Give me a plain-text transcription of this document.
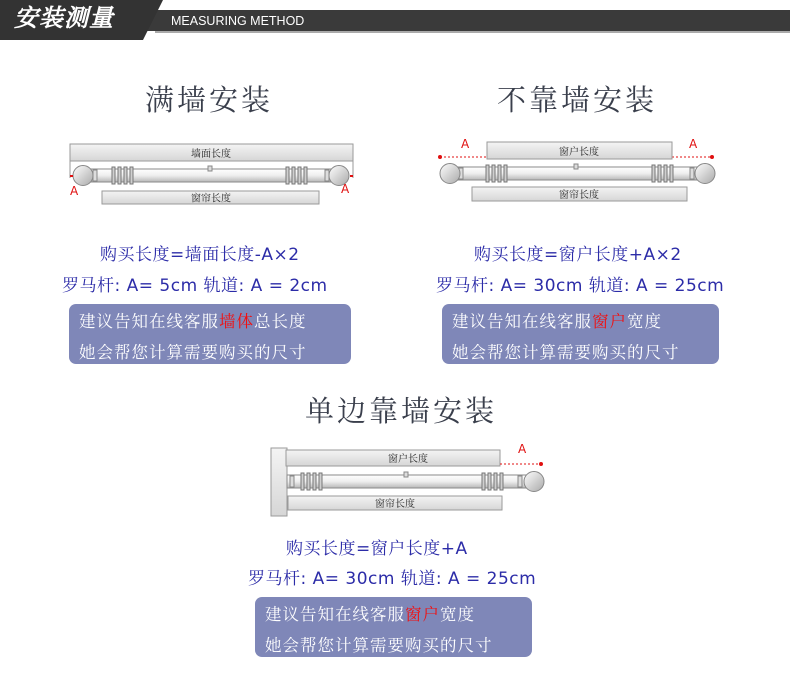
安装测量	MEASURING METHOD
满墙安装
墙面长度
A	A
窗帘长度
购买长度=墙面长度-A×2
罗马杆: A= 5cm 轨道: A = 2cm
建议告知在线客服墙体总长度
她会帮您计算需要购买的尺寸
不靠墙安装
A	A
窗户长度
窗帘长度
购买长度=窗户长度+A×2
罗马杆: A= 30cm 轨道: A = 25cm
建议告知在线客服窗户宽度
她会帮您计算需要购买的尺寸
单边靠墙安装
窗户长度
A
窗帘长度
购买长度=窗户长度+A
罗马杆: A= 30cm 轨道: A = 25cm
建议告知在线客服窗户宽度
她会帮您计算需要购买的尺寸
